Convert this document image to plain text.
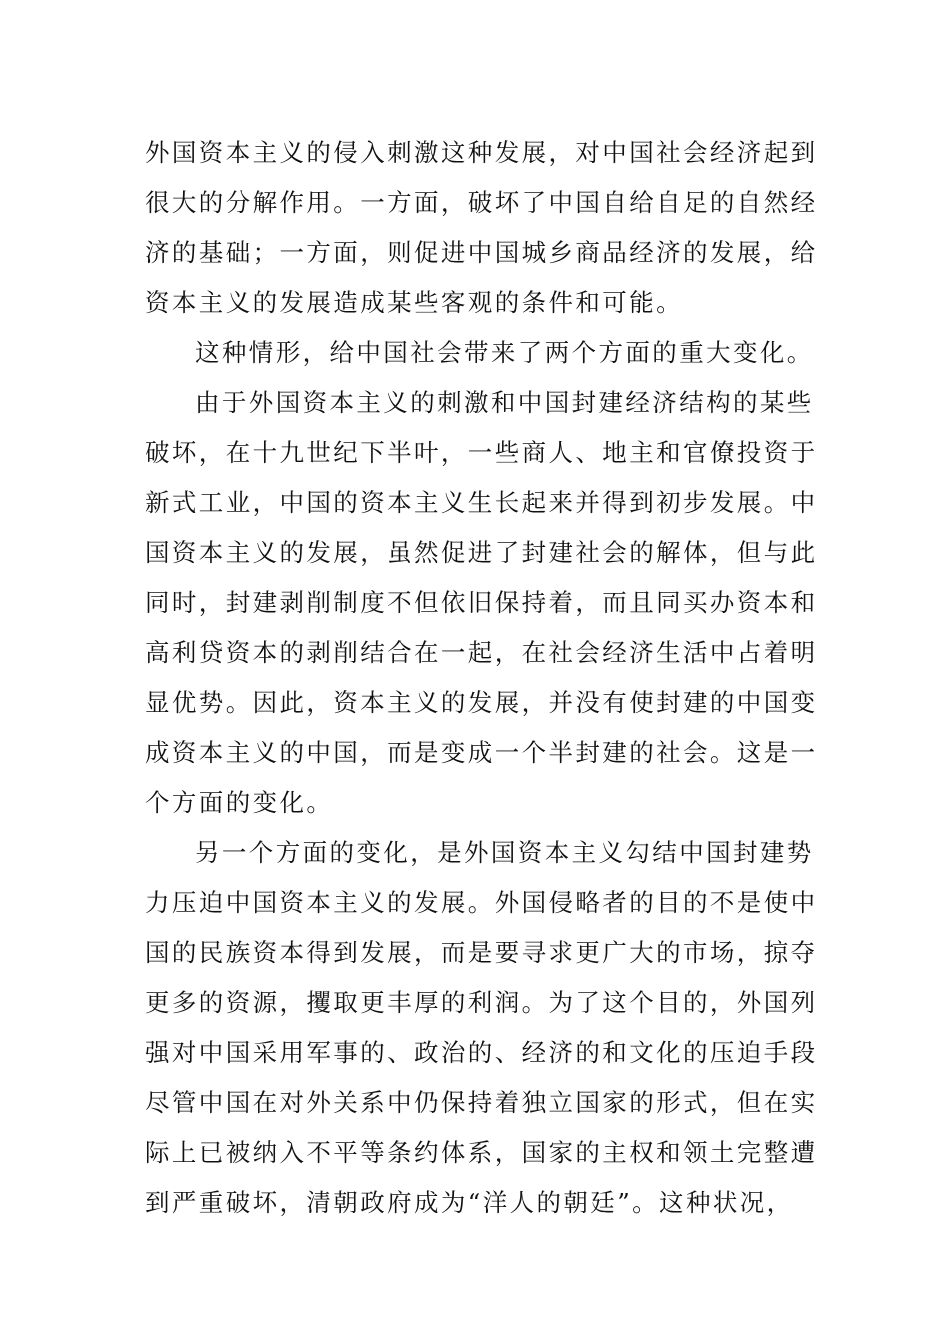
外国资本主义的侵入刺激这种发展，对中国社会经济起到
很大的分解作用。一方面，破坏了中国自给自足的自然经
济的基础；一方面，则促进中国城乡商品经济的发展，给
资本主义的发展造成某些客观的条件和可能。
这种情形，给中国社会带来了两个方面的重大变化。
由于外国资本主义的刺激和中国封建经济结构的某些
破坏，在十九世纪下半叶，一些商人、地主和官僚投资于
新式工业，中国的资本主义生长起来并得到初步发展。中
国资本主义的发展，虽然促进了封建社会的解体，但与此
同时，封建剥削制度不但依旧保持着，而且同买办资本和
高利贷资本的剥削结合在一起，在社会经济生活中占着明
显优势。因此，资本主义的发展，并没有使封建的中国变
成资本主义的中国，而是变成一个半封建的社会。这是一
个方面的变化。
另一个方面的变化，是外国资本主义勾结中国封建势
力压迫中国资本主义的发展。外国侵略者的目的不是使中
国的民族资本得到发展，而是要寻求更广大的市场，掠夺
更多的资源，攫取更丰厚的利润。为了这个目的，外国列
强对中国采用军事的、政治的、经济的和文化的压迫手段
尽管中国在对外关系中仍保持着独立国家的形式，但在实
际上已被纳入不平等条约体系，国家的主权和领土完整遭
到严重破坏，清朝政府成为“洋人的朝廷”。这种状况，
